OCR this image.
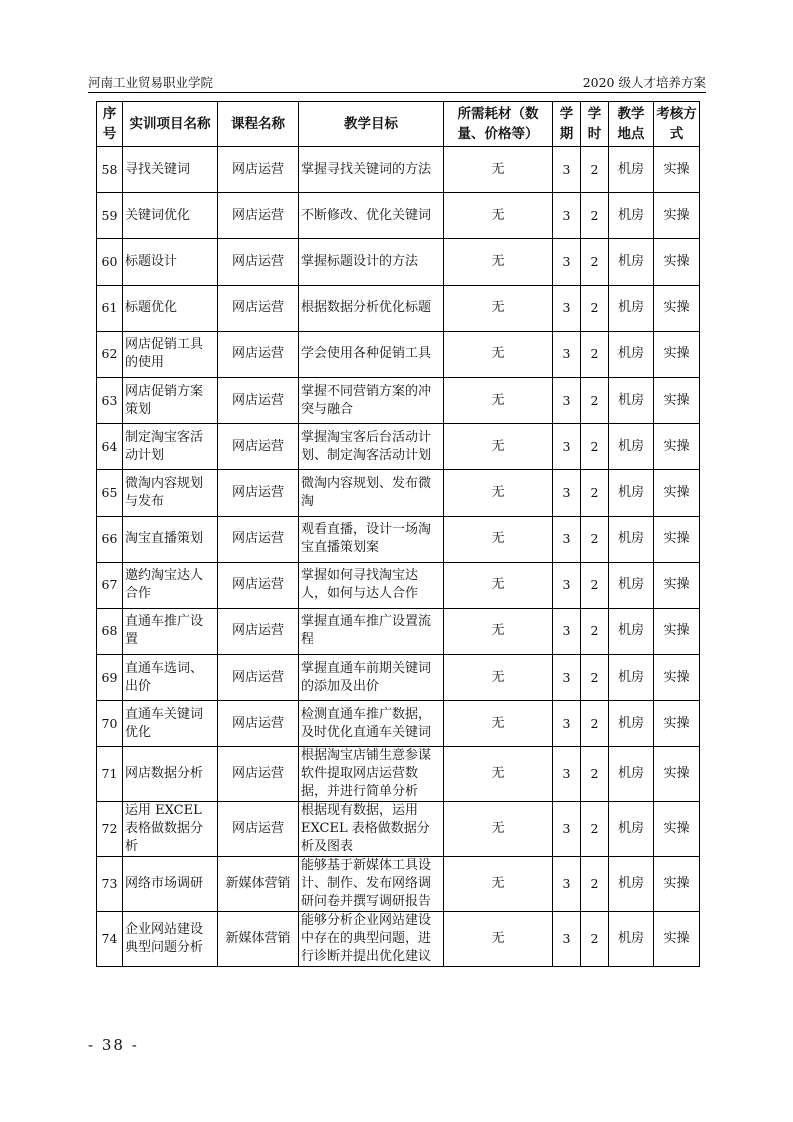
河南工业贸易职业学院	2020 级人才培养方案
序号	实训项目名称	课程名称	教学目标	所需耗材（数量、价格等）	学期	学时	教学地点	考核方式
58	寻找关键词	网店运营	掌握寻找关键词的方法	无	3	2	机房	实操
59	关键词优化	网店运营	不断修改、优化关键词	无	3	2	机房	实操
60	标题设计	网店运营	掌握标题设计的方法	无	3	2	机房	实操
61	标题优化	网店运营	根据数据分析优化标题	无	3	2	机房	实操
62	网店促销工具的使用	网店运营	学会使用各种促销工具	无	3	2	机房	实操
63	网店促销方案策划	网店运营	掌握不同营销方案的冲突与融合	无	3	2	机房	实操
64	制定淘宝客活动计划	网店运营	掌握淘宝客后台活动计划、制定淘客活动计划	无	3	2	机房	实操
65	微淘内容规划与发布	网店运营	微淘内容规划、发布微淘	无	3	2	机房	实操
66	淘宝直播策划	网店运营	观看直播，设计一场淘宝直播策划案	无	3	2	机房	实操
67	邀约淘宝达人合作	网店运营	掌握如何寻找淘宝达人，如何与达人合作	无	3	2	机房	实操
68	直通车推广设置	网店运营	掌握直通车推广设置流程	无	3	2	机房	实操
69	直通车选词、出价	网店运营	掌握直通车前期关键词的添加及出价	无	3	2	机房	实操
70	直通车关键词优化	网店运营	检测直通车推广数据，及时优化直通车关键词	无	3	2	机房	实操
71	网店数据分析	网店运营	根据淘宝店铺生意参谋软件提取网店运营数据，并进行简单分析	无	3	2	机房	实操
72	运用 EXCEL 表格做数据分析	网店运营	根据现有数据，运用 EXCEL 表格做数据分析及图表	无	3	2	机房	实操
73	网络市场调研	新媒体营销	能够基于新媒体工具设计、制作、发布网络调研问卷并撰写调研报告	无	3	2	机房	实操
74	企业网站建设典型问题分析	新媒体营销	能够分析企业网站建设中存在的典型问题，进行诊断并提出优化建议	无	3	2	机房	实操
- 38 -
